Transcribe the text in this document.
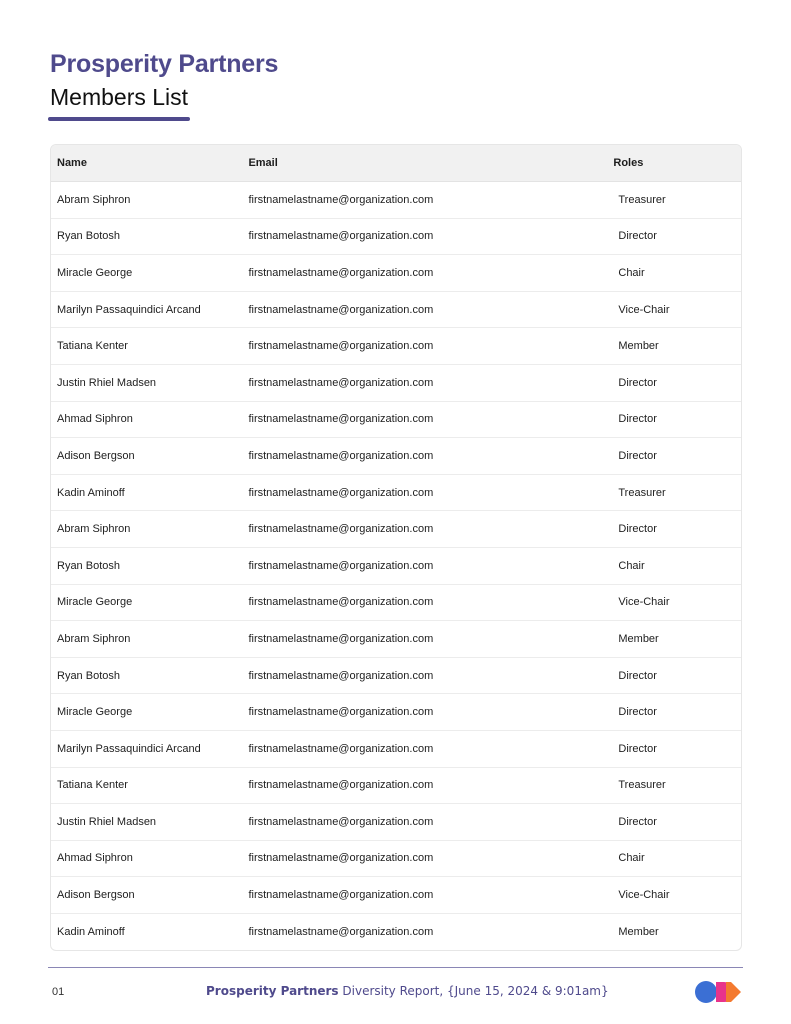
Prosperity Partners
Members List
Name	Email	Roles
Abram Siphron	firstnamelastname@organization.com	Treasurer
Ryan Botosh	firstnamelastname@organization.com	Director
Miracle George	firstnamelastname@organization.com	Chair
Marilyn Passaquindici Arcand	firstnamelastname@organization.com	Vice-Chair
Tatiana Kenter	firstnamelastname@organization.com	Member
Justin Rhiel Madsen	firstnamelastname@organization.com	Director
Ahmad Siphron	firstnamelastname@organization.com	Director
Adison Bergson	firstnamelastname@organization.com	Director
Kadin Aminoff	firstnamelastname@organization.com	Treasurer
Abram Siphron	firstnamelastname@organization.com	Director
Ryan Botosh	firstnamelastname@organization.com	Chair
Miracle George	firstnamelastname@organization.com	Vice-Chair
Abram Siphron	firstnamelastname@organization.com	Member
Ryan Botosh	firstnamelastname@organization.com	Director
Miracle George	firstnamelastname@organization.com	Director
Marilyn Passaquindici Arcand	firstnamelastname@organization.com	Director
Tatiana Kenter	firstnamelastname@organization.com	Treasurer
Justin Rhiel Madsen	firstnamelastname@organization.com	Director
Ahmad Siphron	firstnamelastname@organization.com	Chair
Adison Bergson	firstnamelastname@organization.com	Vice-Chair
Kadin Aminoff	firstnamelastname@organization.com	Member
01	Prosperity Partners Diversity Report, {June 15, 2024 & 9:01am}
